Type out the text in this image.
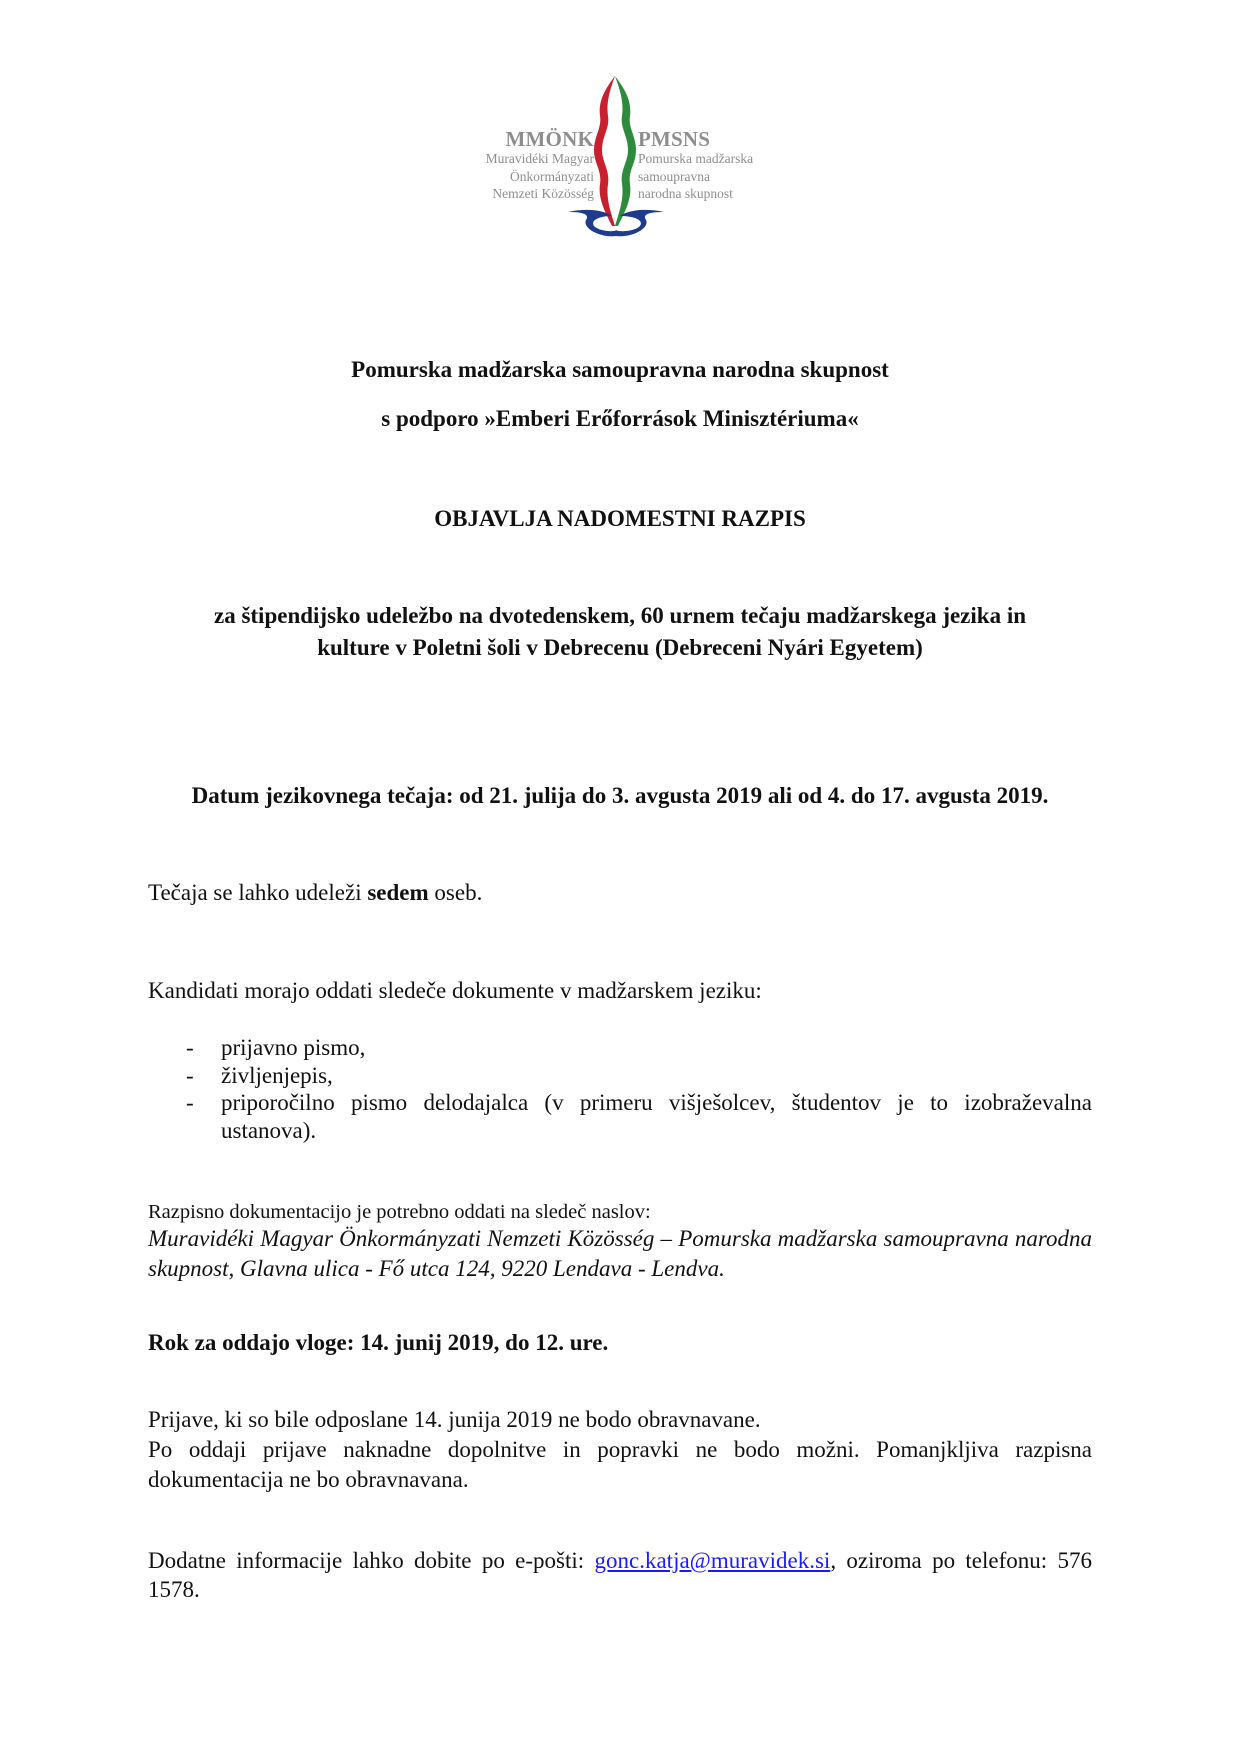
MMÖNK
Muravidéki Magyar
Önkormányzati
Nemzeti Közösség
PMSNS
Pomurska madžarska
samoupravna
narodna skupnost
Pomurska madžarska samoupravna narodna skupnost
s podporo »Emberi Erőforrások Minisztériuma«
OBJAVLJA NADOMESTNI RAZPIS
za štipendijsko udeležbo na dvotedenskem, 60 urnem tečaju madžarskega jezika in
kulture v Poletni šoli v Debrecenu (Debreceni Nyári Egyetem)
Datum jezikovnega tečaja: od 21. julija do 3. avgusta 2019 ali od 4. do 17. avgusta 2019.
Tečaja se lahko udeleži sedem oseb.
Kandidati morajo oddati sledeče dokumente v madžarskem jeziku:
- prijavno pismo,
- življenjepis,
- priporočilno pismo delodajalca (v primeru višješolcev, študentov je to izobraževalna ustanova).
Razpisno dokumentacijo je potrebno oddati na sledeč naslov:
Muravidéki Magyar Önkormányzati Nemzeti Közösség – Pomurska madžarska samoupravna narodna skupnost, Glavna ulica - Fő utca 124, 9220 Lendava - Lendva.
Rok za oddajo vloge: 14. junij 2019, do 12. ure.
Prijave, ki so bile odposlane 14. junija 2019 ne bodo obravnavane.
Po oddaji prijave naknadne dopolnitve in popravki ne bodo možni. Pomanjkljiva razpisna dokumentacija ne bo obravnavana.
Dodatne informacije lahko dobite po e-pošti: gonc.katja@muravidek.si, oziroma po telefonu: 576 1578.
